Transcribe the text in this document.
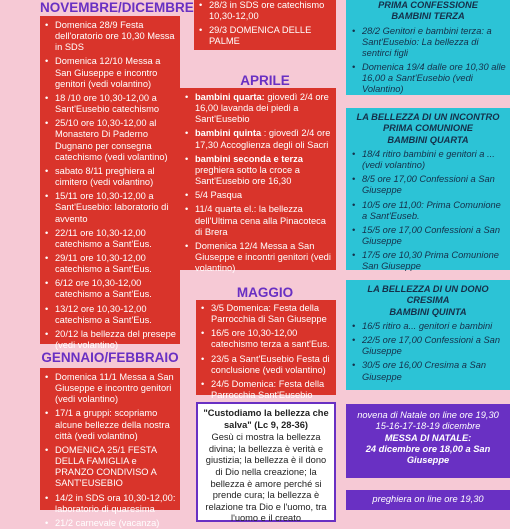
NOVEMBRE/DICEMBRE
• Domenica 28/9 Festa dell'oratorio ore 10,30 Messa in SDS
• Domenica 12/10 Messa a San Giuseppe e incontro genitori (vedi volantino)
• 18 /10 ore 10,30-12,00 a Sant'Eusebio catechismo
• 25/10 ore 10,30-12,00 al Monastero Di Paderno Dugnano per consegna catechismo (vedi volantino)
• sabato 8/11 preghiera al cimitero (vedi volantino)
• 15/11 ore 10,30-12,00 a Sant'Eusebio: laboratorio di avvento
• 22/11 ore 10,30-12,00 catechismo a Sant'Eus.
• 29/11 ore 10,30-12,00 catechismo a Sant'Eus.
• 6/12 ore 10,30-12,00 catechismo a Sant'Eus.
• 13/12 ore 10,30-12,00 catechismo a Sant'Eus.
• 20/12 la bellezza del presepe (vedi volantino)
GENNAIO/FEBBRAIO
• Domenica 11/1 Messa a San Giuseppe e incontro genitori (vedi volantino)
• 17/1 a gruppi: scopriamo alcune bellezze della nostra città (vedi volantino)
• DOMENICA 25/1 FESTA DELLA FAMIGLIA e PRANZO CONDIVISO A SANT'EUSEBIO
• 14/2 in SDS ora 10,30-12,00: laboratorio di quaresima
• 21/2 carnevale (vacanza)
• 28/3 in SDS ore catechismo 10,30-12,00
• 29/3 DOMENICA DELLE PALME
APRILE
• bambini quarta: giovedì 2/4 ore 16,00 lavanda dei piedi a Sant'Eusebio
• bambini quinta : giovedì 2/4 ore 17,30 Accoglienza degli oli Sacri
• bambini seconda e terza preghiera sotto la croce a Sant'Eusebio ore 16,30
• 5/4 Pasqua
• 11/4 quarta el.: la bellezza dell'Ultima cena alla Pinacoteca di Brera
• Domenica 12/4 Messa a San Giuseppe e incontri genitori (vedi volantino)
MAGGIO
• 3/5 Domenica: Festa della Parrocchia di San Giuseppe
• 16/5 ore 10,30-12,00 catechismo terza a sant'Eus.
• 23/5 a Sant'Eusebio Festa di conclusione (vedi volantino)
• 24/5 Domenica: Festa della Parrocchia Sant'Eusebio
"Custodiamo la bellezza che salva" (Lc 9, 28-36)
Gesù ci mostra la bellezza divina; la bellezza è verità e giustizia; la bellezza è il dono di Dio nella creazione; la bellezza è amore perché si prende cura; la bellezza è relazione tra Dio e l'uomo, tra l'uomo e il creato
PRIMA CONFESSIONE
BAMBINI TERZA
• 28/2 Genitori e bambini terza: a Sant'Eusebio: La bellezza di sentirci figli
• Domenica 19/4 dalle ore 10,30 alle 16,00 a Sant'Eusebio (vedi Volantino)
LA BELLEZZA DI UN INCONTRO
PRIMA COMUNIONE
BAMBINI QUARTA
• 18/4 ritiro bambini e genitori a ...(vedi volantino)
• 8/5 ore 17,00 Confessioni a San Giuseppe
• 10/5 ore 11,00: Prima Comunione a Sant'Euseb.
• 15/5 ore 17,00 Confessioni a San Giuseppe
• 17/5 ore 10,30 Prima Comunione San Giuseppe
LA BELLEZZA DI UN DONO
CRESIMA
BAMBINI QUINTA
• 16/5 ritiro a... genitori e bambini
• 22/5 ore 17,00 Confessioni a San Giuseppe
• 30/5 ore 16,00 Cresima a San Giuseppe
novena di Natale on line ore 19,30
15-16-17-18-19 dicembre
MESSA DI NATALE:
24 dicembre ore 18,00 a San Giuseppe
preghiera on line ore 19,30
